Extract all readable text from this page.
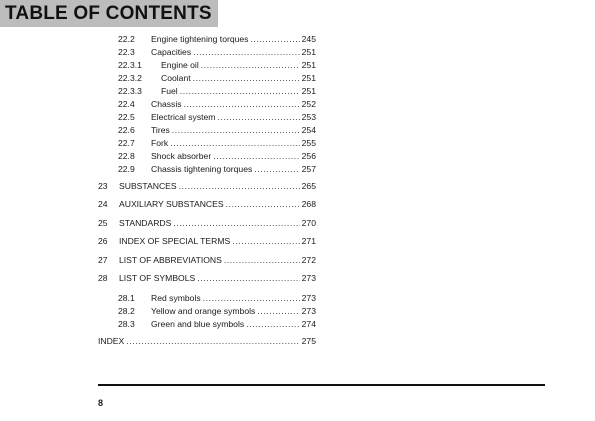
TABLE OF CONTENTS
22.2	Engine tightening torques .....	245
22.3	Capacities .....	251
22.3.1	Engine oil .....	251
22.3.2	Coolant .....	251
22.3.3	Fuel .....	251
22.4	Chassis .....	252
22.5	Electrical system .....	253
22.6	Tires .....	254
22.7	Fork .....	255
22.8	Shock absorber .....	256
22.9	Chassis tightening torques .....	257
23	SUBSTANCES .....	265
24	AUXILIARY SUBSTANCES .....	268
25	STANDARDS .....	270
26	INDEX OF SPECIAL TERMS .....	271
27	LIST OF ABBREVIATIONS .....	272
28	LIST OF SYMBOLS .....	273
28.1	Red symbols .....	273
28.2	Yellow and orange symbols .....	273
28.3	Green and blue symbols .....	274
INDEX .....	275
8
